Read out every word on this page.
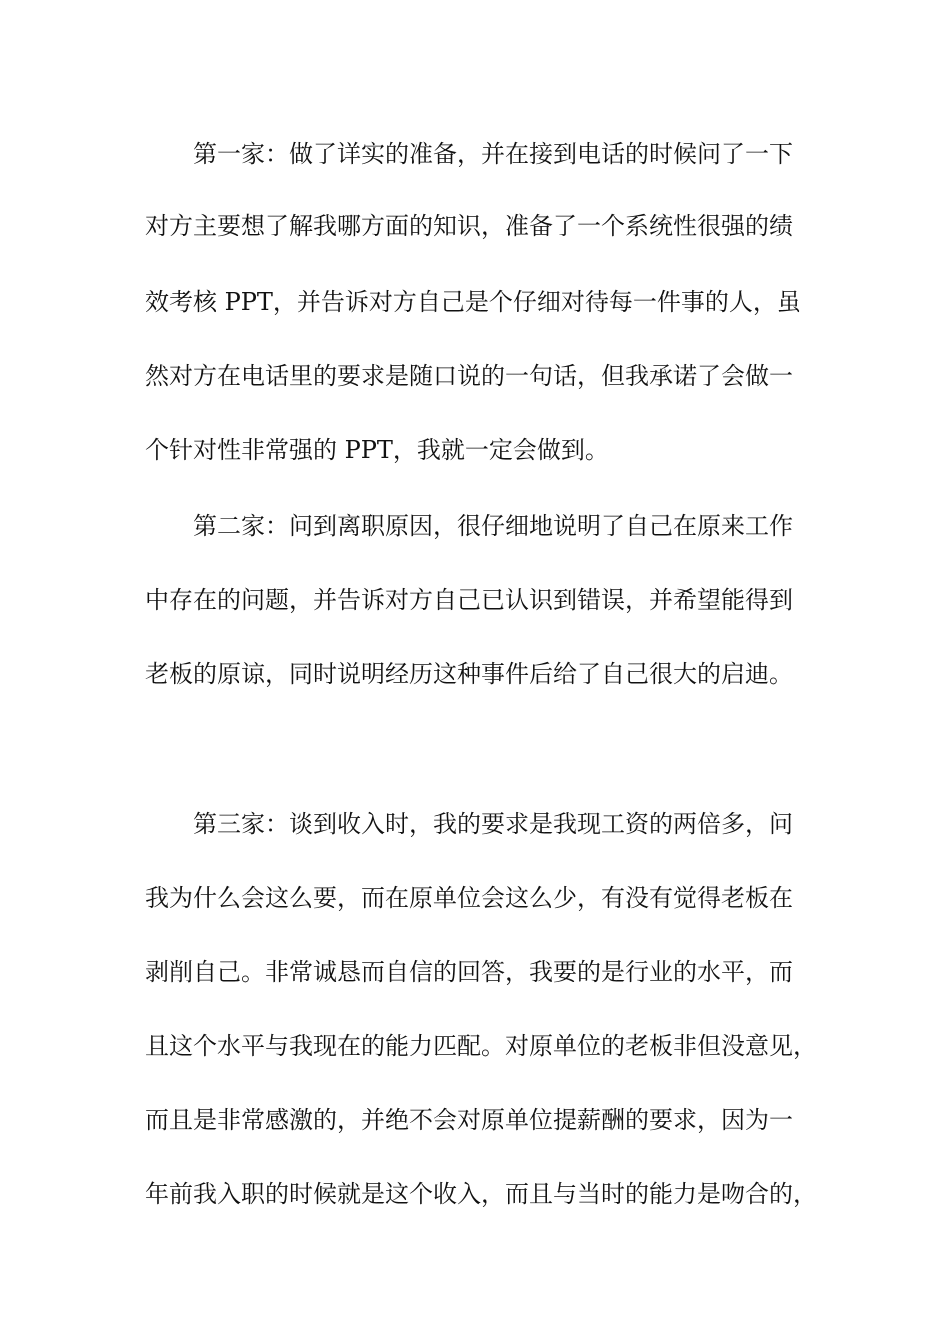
第一家：做了详实的准备，并在接到电话的时候问了一下
对方主要想了解我哪方面的知识，准备了一个系统性很强的绩
效考核 PPT，并告诉对方自己是个仔细对待每一件事的人，虽
然对方在电话里的要求是随口说的一句话，但我承诺了会做一
个针对性非常强的 PPT，我就一定会做到。
第二家：问到离职原因，很仔细地说明了自己在原来工作
中存在的问题，并告诉对方自己已认识到错误，并希望能得到
老板的原谅，同时说明经历这种事件后给了自己很大的启迪。
第三家：谈到收入时，我的要求是我现工资的两倍多，问
我为什么会这么要，而在原单位会这么少，有没有觉得老板在
剥削自己。非常诚恳而自信的回答，我要的是行业的水平，而
且这个水平与我现在的能力匹配。对原单位的老板非但没意见，
而且是非常感激的，并绝不会对原单位提薪酬的要求，因为一
年前我入职的时候就是这个收入，而且与当时的能力是吻合的，
